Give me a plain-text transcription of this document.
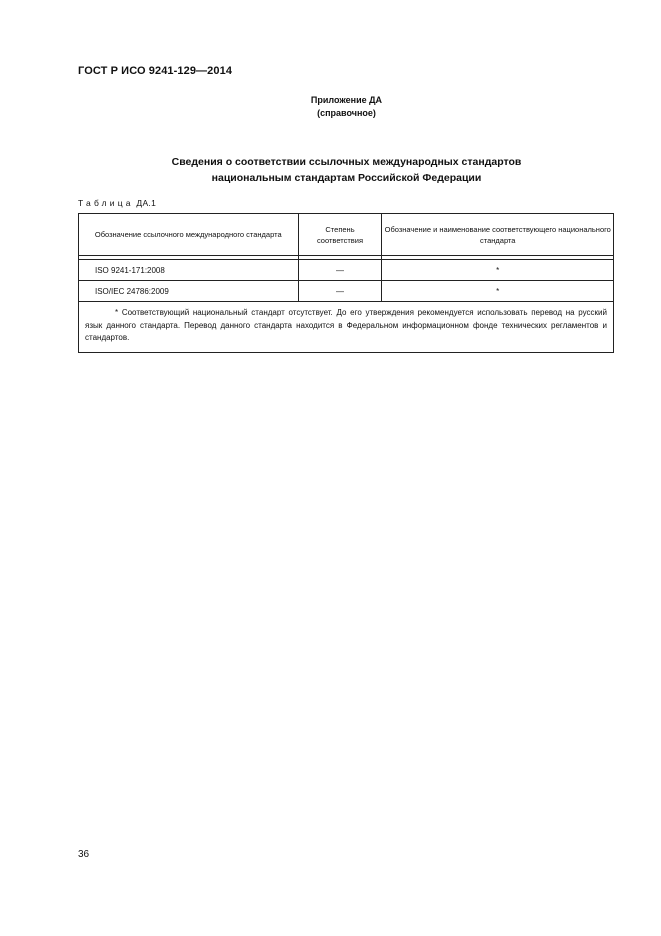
ГОСТ Р ИСО 9241-129—2014
Приложение ДА
(справочное)
Сведения о соответствии ссылочных международных стандартов
национальным стандартам Российской Федерации
Таблица ДА.1
Обозначение ссылочного международного стандарта	Степень соответствия	Обозначение и наименование соответствующего национального стандарта

ISO 9241-171:2008	—	*
ISO/IEC 24786:2009	—	*
* Соответствующий национальный стандарт отсутствует. До его утверждения рекомендуется использовать перевод на русский язык данного стандарта. Перевод данного стандарта находится в Федеральном информационном фонде технических регламентов и стандартов.		
36
